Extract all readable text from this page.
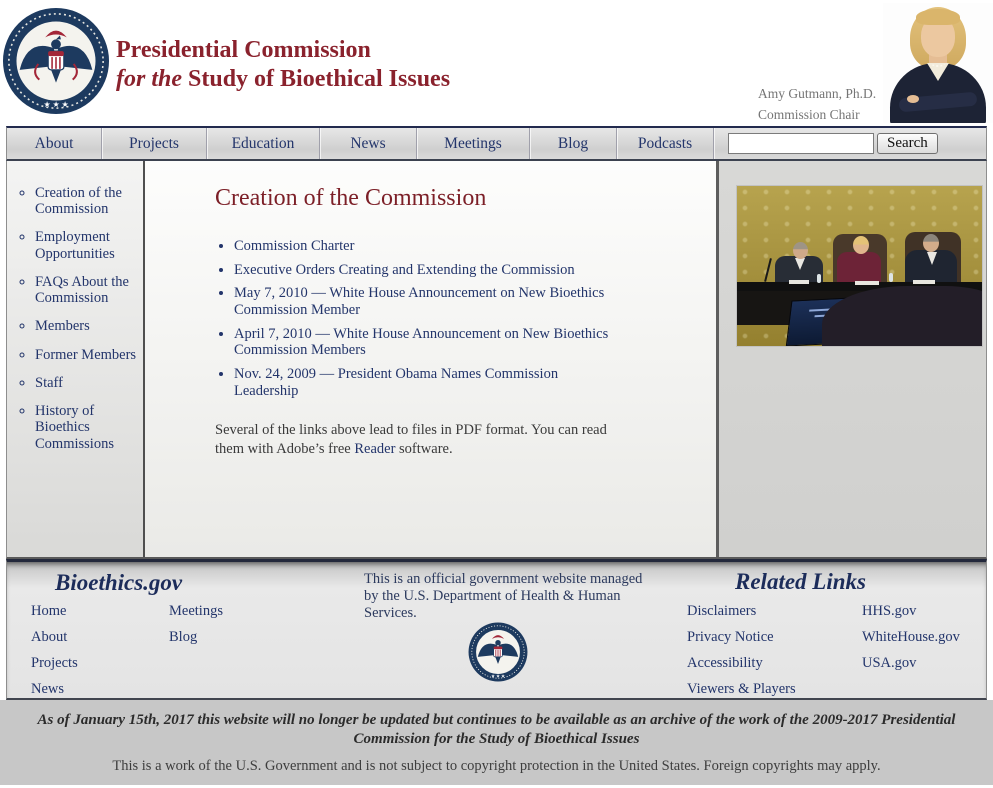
★ ★ ★
Presidential Commission
for the Study of Bioethical Issues
Amy Gutmann, Ph.D.
Commission Chair
About	Projects	Education	News	Meetings	Blog	Podcasts	Search
◦ Creation of the Commission
◦ Employment Opportunities
◦ FAQs About the Commission
◦ Members
◦ Former Members
◦ Staff
◦ History of Bioethics Commissions
Creation of the Commission
• Commission Charter
• Executive Orders Creating and Extending the Commission
• May 7, 2010 — White House Announcement on New Bioethics Commission Member
• April 7, 2010 — White House Announcement on New Bioethics Commission Members
• Nov. 24, 2009 — President Obama Names Commission Leadership

Several of the links above lead to files in PDF format. You can read them with Adobe’s free Reader software.

Bioethics.gov
Home
About
Projects
News
Meetings
Blog
This is an official government website managed by the U.S. Department of Health & Human Services.
★ ★ ★
Related Links
Disclaimers
Privacy Notice
Accessibility
Viewers & Players
HHS.gov
WhiteHouse.gov
USA.gov
As of January 15th, 2017 this website will no longer be updated but continues to be available as an archive of the work of the 2009-2017 Presidential Commission for the Study of Bioethical Issues
This is a work of the U.S. Government and is not subject to copyright protection in the United States. Foreign copyrights may apply.
